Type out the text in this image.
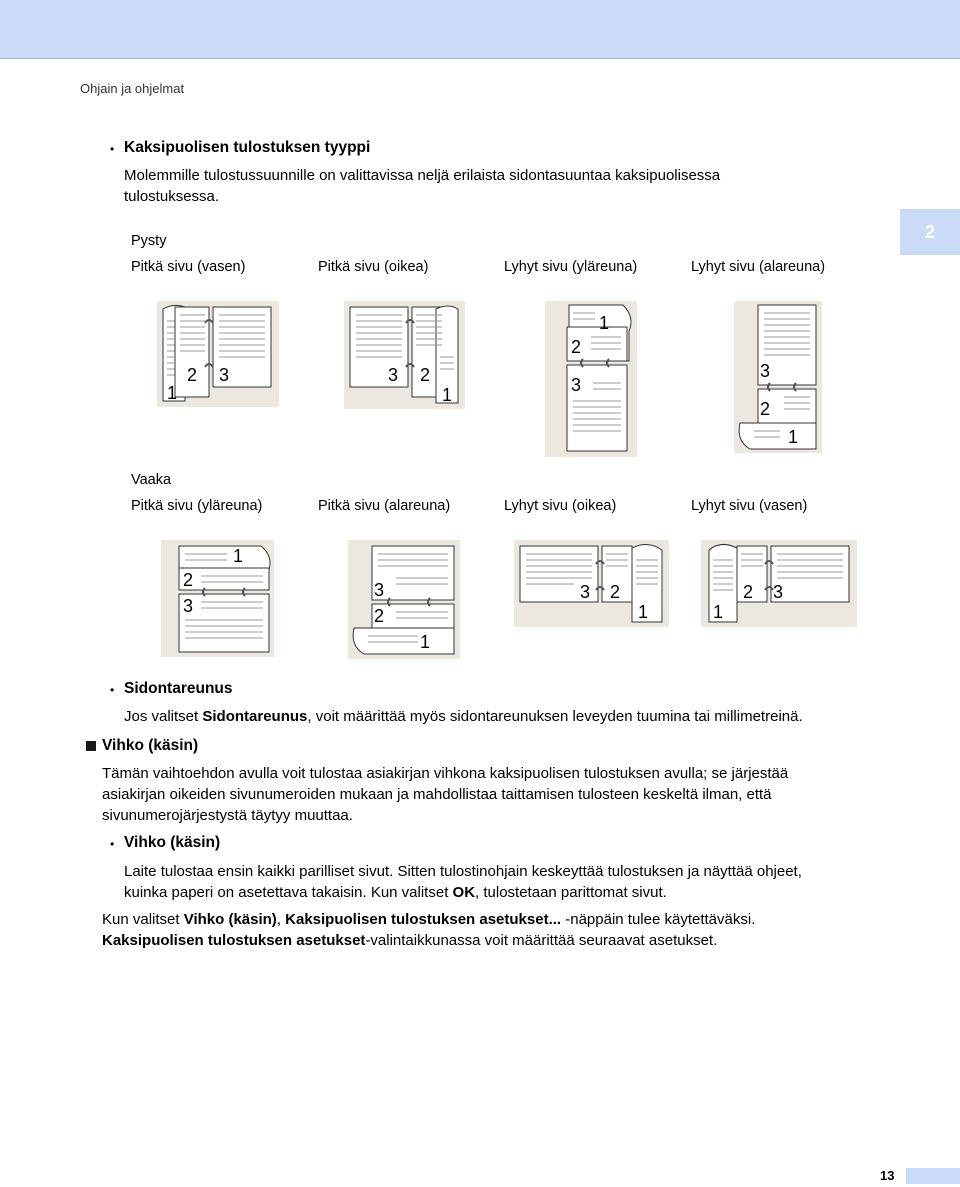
Ohjain ja ohjelmat
2
• Kaksipuolisen tulostuksen tyyppi
Molemmille tulostussuunnille on valittavissa neljä erilaista sidontasuuntaa kaksipuolisessa
tulostuksessa.
Pysty
Pitkä sivu (vasen)	Pitkä sivu (oikea)	Lyhyt sivu (yläreuna)	Lyhyt sivu (alareuna)
1
2 3	3 2
1
1
2
3
3
2
1
Vaaka
Pitkä sivu (yläreuna)	Pitkä sivu (alareuna)	Lyhyt sivu (oikea)	Lyhyt sivu (vasen)
1
2
3
3
2
1
3 2
1	1
2 3
• Sidontareunus
Jos valitset Sidontareunus, voit määrittää myös sidontareunuksen leveyden tuumina tai millimetreinä.
Vihko (käsin)
Tämän vaihtoehdon avulla voit tulostaa asiakirjan vihkona kaksipuolisen tulostuksen avulla; se järjestää
asiakirjan oikeiden sivunumeroiden mukaan ja mahdollistaa taittamisen tulosteen keskeltä ilman, että
sivunumerojärjestystä täytyy muuttaa.
• Vihko (käsin)
Laite tulostaa ensin kaikki parilliset sivut. Sitten tulostinohjain keskeyttää tulostuksen ja näyttää ohjeet,
kuinka paperi on asetettava takaisin. Kun valitset OK, tulostetaan parittomat sivut.
Kun valitset Vihko (käsin), Kaksipuolisen tulostuksen asetukset... -näppäin tulee käytettäväksi.
Kaksipuolisen tulostuksen asetukset-valintaikkunassa voit määrittää seuraavat asetukset.
13
